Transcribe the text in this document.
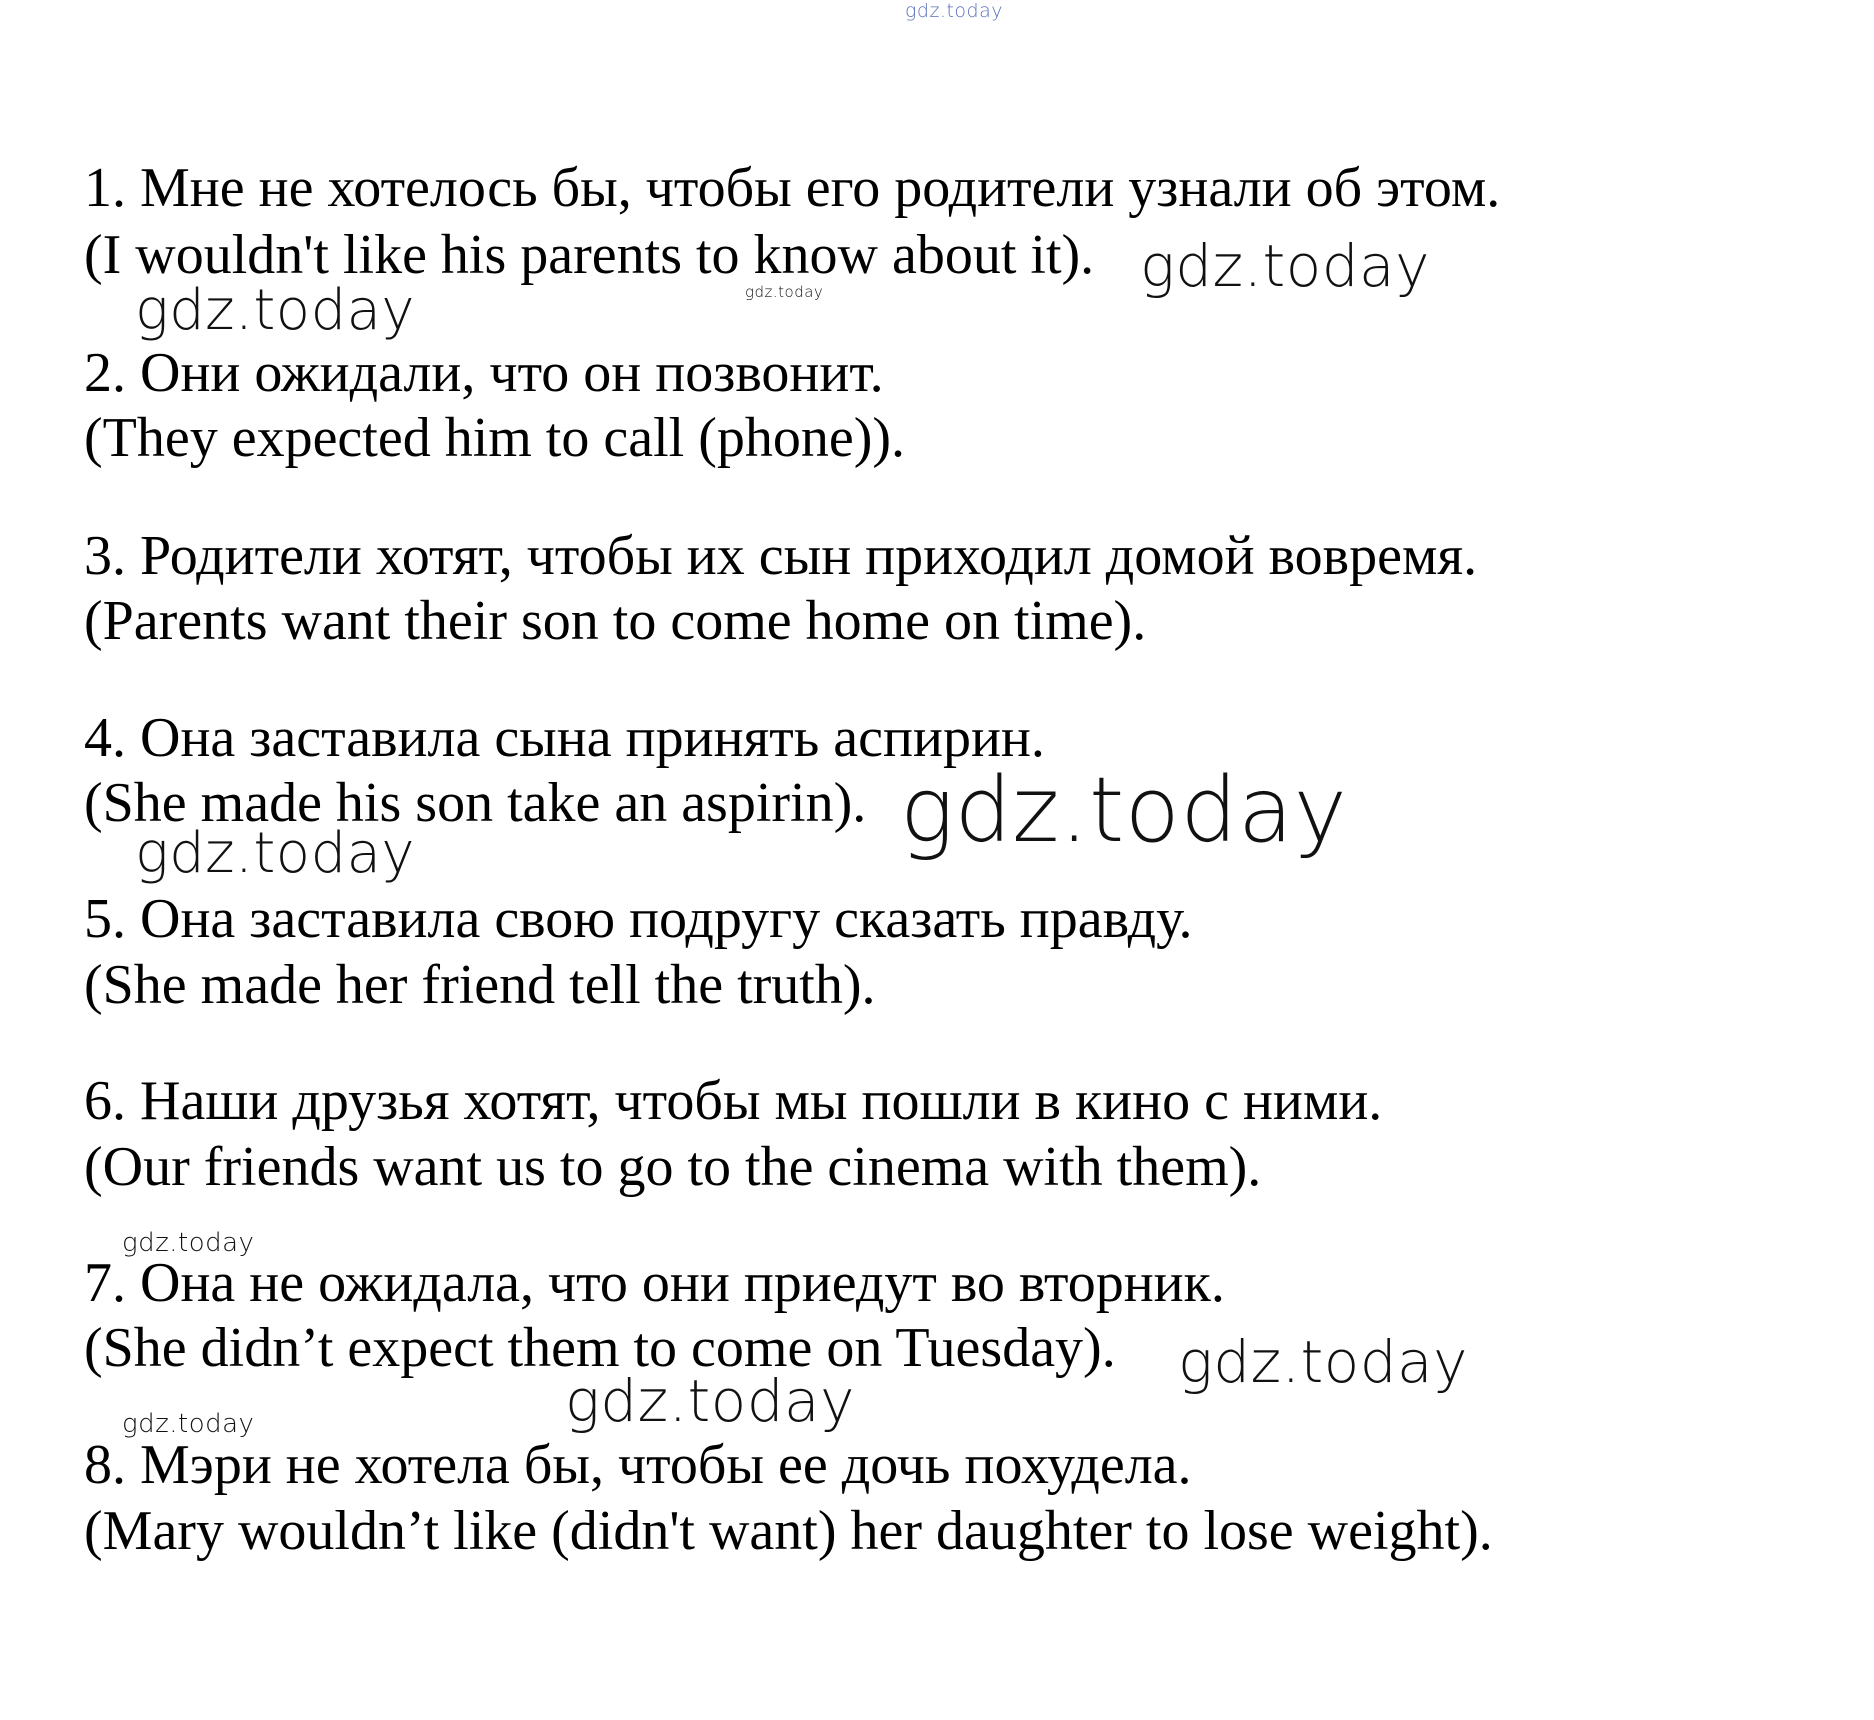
gdz.today

1. Мне не хотелось бы, чтобы его родители узнали об этом.

(I wouldn't like his parents to know about it). gdz.today
gdz.today
gdz.today

2. Они ожидали, что он позвонит.

(They expected him to call (phone)).

3. Родители хотят, чтобы их сын приходил домой вовремя.

(Parents want their son to come home on time).

4. Она заставила сына принять аспирин.

(She made his son take an aspirin). gdz.today
gdz.today

5. Она заставила свою подругу сказать правду.

(She made her friend tell the truth).

6. Наши друзья хотят, чтобы мы пошли в кино с ними.

(Our friends want us to go to the cinema with them).

gdz.today

7. Она не ожидала, что они приедут во вторник.

(She didn’t expect them to come on Tuesday). gdz.today
gdz.today
gdz.today

8. Мэри не хотела бы, чтобы ее дочь похудела.

(Mary wouldn’t like (didn't want) her daughter to lose weight).
